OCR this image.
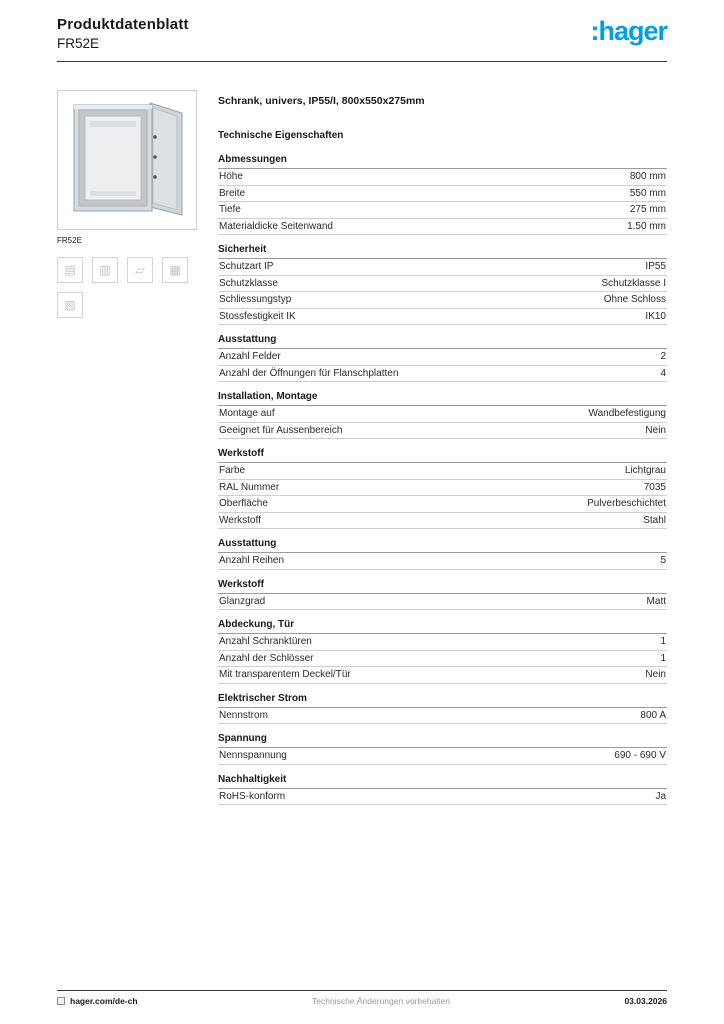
Produktdatenblatt
FR52E	:hager
FR52E
▤	▥	▱	▦
▧
Schrank, univers, IP55/I, 800x550x275mm
Technische Eigenschaften
Abmessungen
Höhe	800 mm
Breite	550 mm
Tiefe	275 mm
Materialdicke Seitenwand	1.50 mm
Sicherheit
Schutzart IP	IP55
Schutzklasse	Schutzklasse I
Schliessungstyp	Ohne Schloss
Stossfestigkeit IK	IK10
Ausstattung
Anzahl Felder	2
Anzahl der Öffnungen für Flanschplatten	4
Installation, Montage
Montage auf	Wandbefestigung
Geeignet für Aussenbereich	Nein
Werkstoff
Farbe	Lichtgrau
RAL Nummer	7035
Oberfläche	Pulverbeschichtet
Werkstoff	Stahl
Ausstattung
Anzahl Reihen	5
Werkstoff
Glanzgrad	Matt
Abdeckung, Tür
Anzahl Schranktüren	1
Anzahl der Schlösser	1
Mit transparentem Deckel/Tür	Nein
Elektrischer Strom
Nennstrom	800 A
Spannung
Nennspannung	690 - 690 V
Nachhaltigkeit
RoHS-konform	Ja
hager.com/de-ch	Technische Änderungen vorbehalten	03.03.2026
